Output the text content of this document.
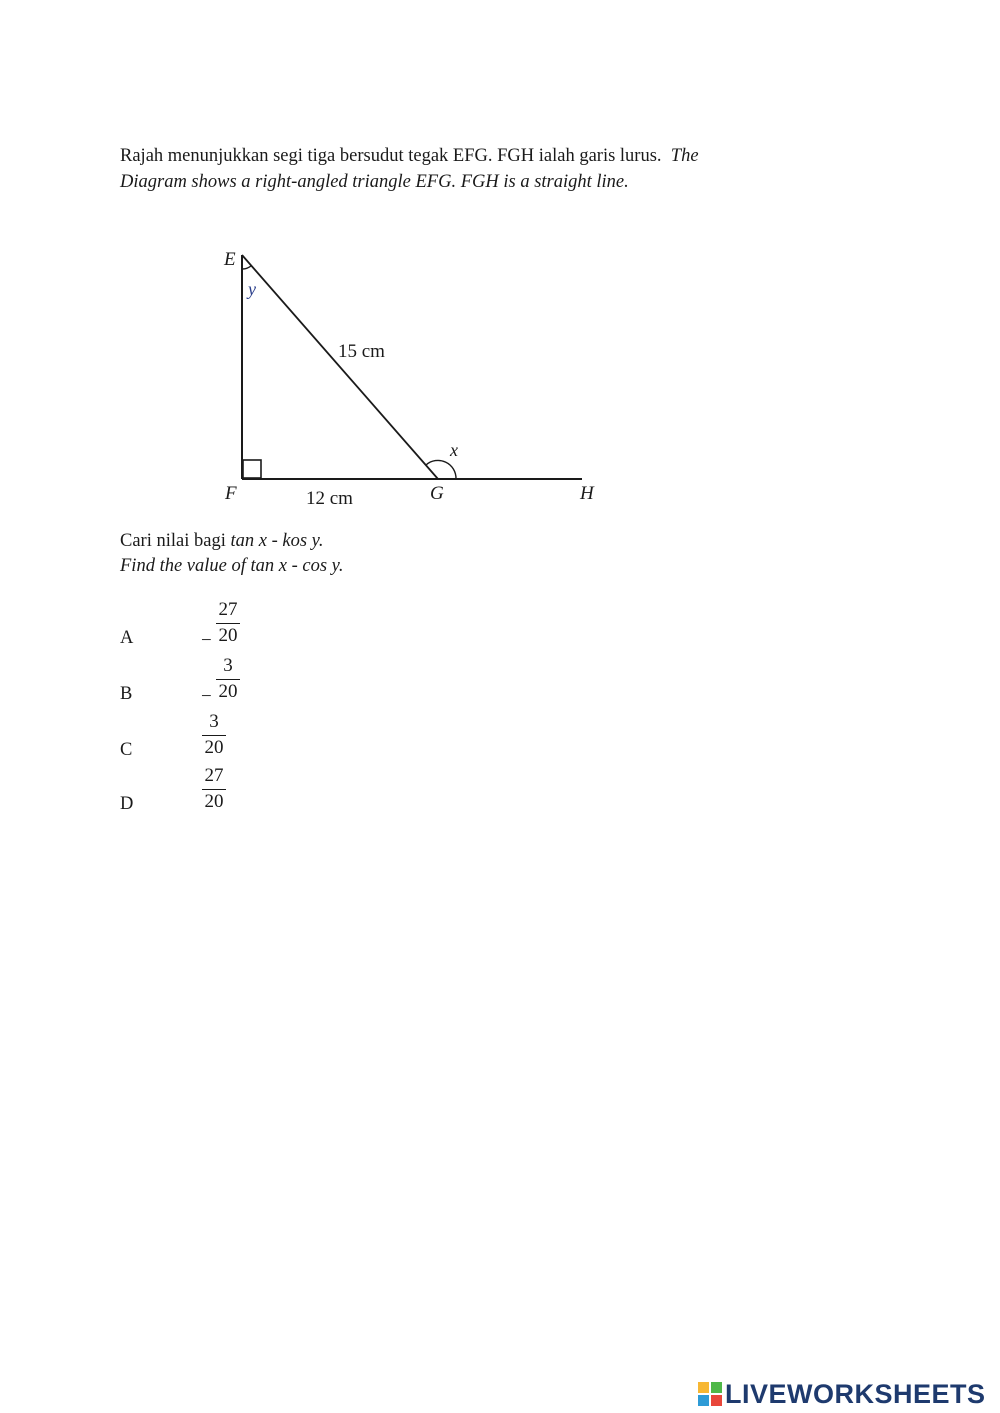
Rajah menunjukkan segi tiga bersudut tegak EFG. FGH ialah garis lurus. The
Diagram shows a right-angled triangle EFG. FGH is a straight line.
E
y
15 cm
x
F	12 cm	G	H
Cari nilai bagi tan x - kos y.
Find the value of tan x - cos y.
A	−
27
20
B	−
3
20
C
3
20
D
27
20
LIVEWORKSHEETS
